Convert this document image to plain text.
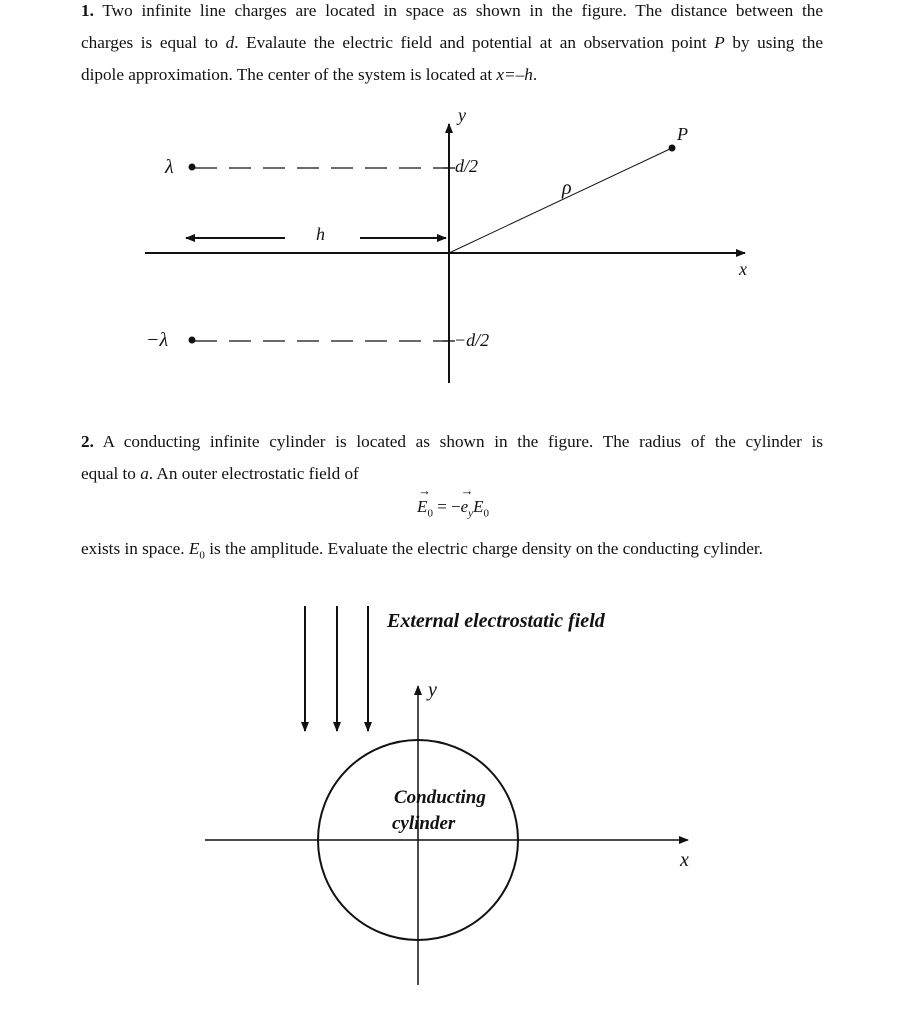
1. Two infinite line charges are located in space as shown in the figure. The distance between the
charges is equal to d. Evalaute the electric field and potential at an observation point P by using the
dipole approximation. The center of the system is located at x=–h.
y
x
λ	d/2
−λ	−d/2
h
P
ρ
2. A conducting infinite cylinder is located as shown in the figure. The radius of the cylinder is
equal to a. An outer electrostatic field of
→
$E_0$ = −
→
$e_yE_0$
exists in space. $E_0$ is the amplitude. Evaluate the electric charge density on the conducting cylinder.
External electrostatic field
y
x
Conducting
cylinder
